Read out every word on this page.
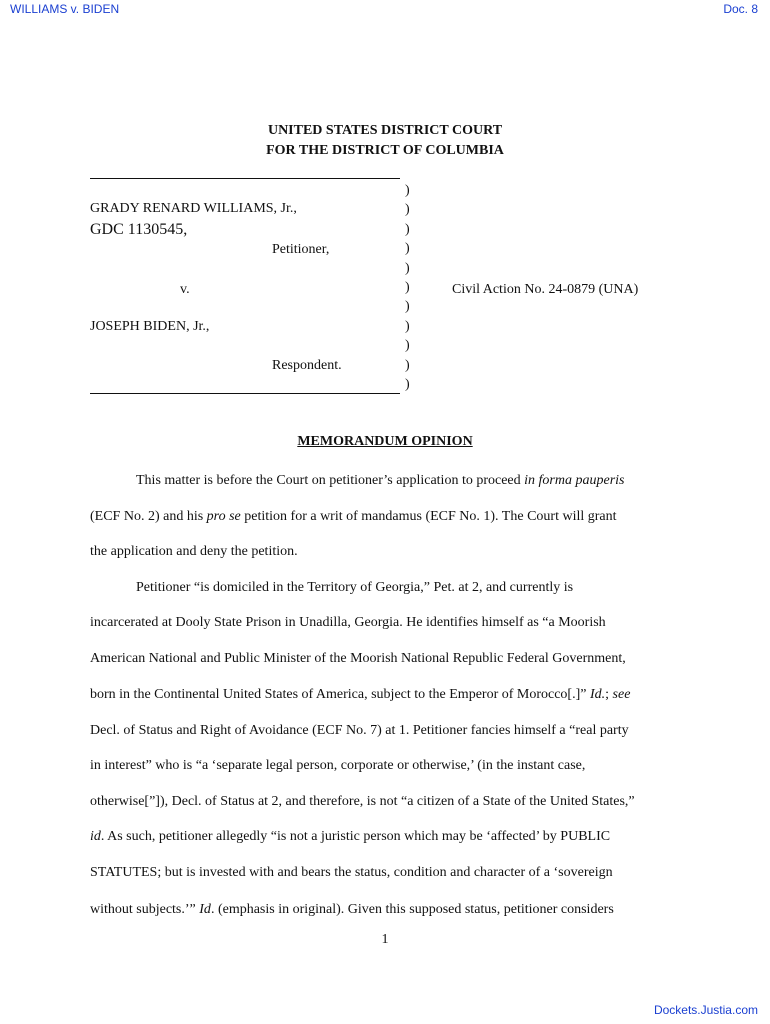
WILLIAMS v. BIDEN	Doc. 8
UNITED STATES DISTRICT COURT
FOR THE DISTRICT OF COLUMBIA
GRADY RENARD WILLIAMS, Jr.,
GDC 1130545,
Petitioner,
v.
JOSEPH BIDEN, Jr.,
Respondent.
Civil Action No. 24-0879 (UNA)
)
)
)
)
)
)
)
)
)
)
)
MEMORANDUM OPINION
This matter is before the Court on petitioner’s application to proceed in forma pauperis
(ECF No. 2) and his pro se petition for a writ of mandamus (ECF No. 1). The Court will grant
the application and deny the petition.
Petitioner “is domiciled in the Territory of Georgia,” Pet. at 2, and currently is
incarcerated at Dooly State Prison in Unadilla, Georgia. He identifies himself as “a Moorish
American National and Public Minister of the Moorish National Republic Federal Government,
born in the Continental United States of America, subject to the Emperor of Morocco[.]” Id.; see
Decl. of Status and Right of Avoidance (ECF No. 7) at 1. Petitioner fancies himself a “real party
in interest” who is “a ‘separate legal person, corporate or otherwise,’ (in the instant case,
otherwise[”]), Decl. of Status at 2, and therefore, is not “a citizen of a State of the United States,”
id. As such, petitioner allegedly “is not a juristic person which may be ‘affected’ by PUBLIC
STATUTES; but is invested with and bears the status, condition and character of a ‘sovereign
without subjects.’” Id. (emphasis in original). Given this supposed status, petitioner considers
1
Dockets.Justia.com
